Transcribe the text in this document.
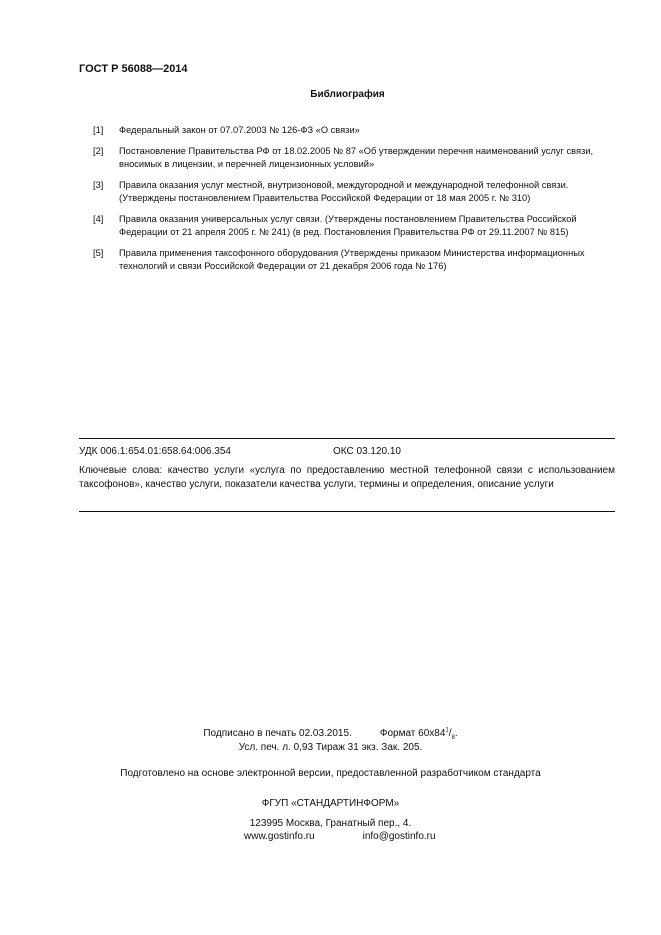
ГОСТ Р 56088—2014
Библиография
[1]	Федеральный закон от 07.07.2003 № 126-ФЗ «О связи»
[2]	Постановление Правительства РФ от 18.02.2005 № 87 «Об утверждении перечня наименований услуг связи, вносимых в лицензии, и перечней лицензионных условий»
[3]	Правила оказания услуг местной, внутризоновой, междугородной и международной телефонной связи. (Утверждены постановлением Правительства Российской Федерации от 18 мая 2005 г. № 310)
[4]	Правила оказания универсальных услуг связи. (Утверждены постановлением Правительства Российской Федерации от 21 апреля 2005 г. № 241) (в ред. Постановления Правительства РФ от 29.11.2007 № 815)
[5]	Правила применения таксофонного оборудования (Утверждены приказом Министерства информационных технологий и связи Российской Федерации от 21 декабря 2006 года № 176)
УДК 006.1:654.01:658.64:006.354	ОКС 03.120.10
Ключевые слова: качество услуги «услуга по предоставлению местной телефонной связи с использованием таксофонов», качество услуги, показатели качества услуги, термины и определения, описание услуги
Подписано в печать 02.03.2015.	Формат $60x84^1/_8$.
Усл. печ. л. 0,93 Тираж 31 экз. Зак. 205.
Подготовлено на основе электронной версии, предоставленной разработчиком стандарта
ФГУП «СТАНДАРТИНФОРМ»
123995 Москва, Гранатный пер., 4.
www.gostinfo.ru	info@gostinfo.ru
